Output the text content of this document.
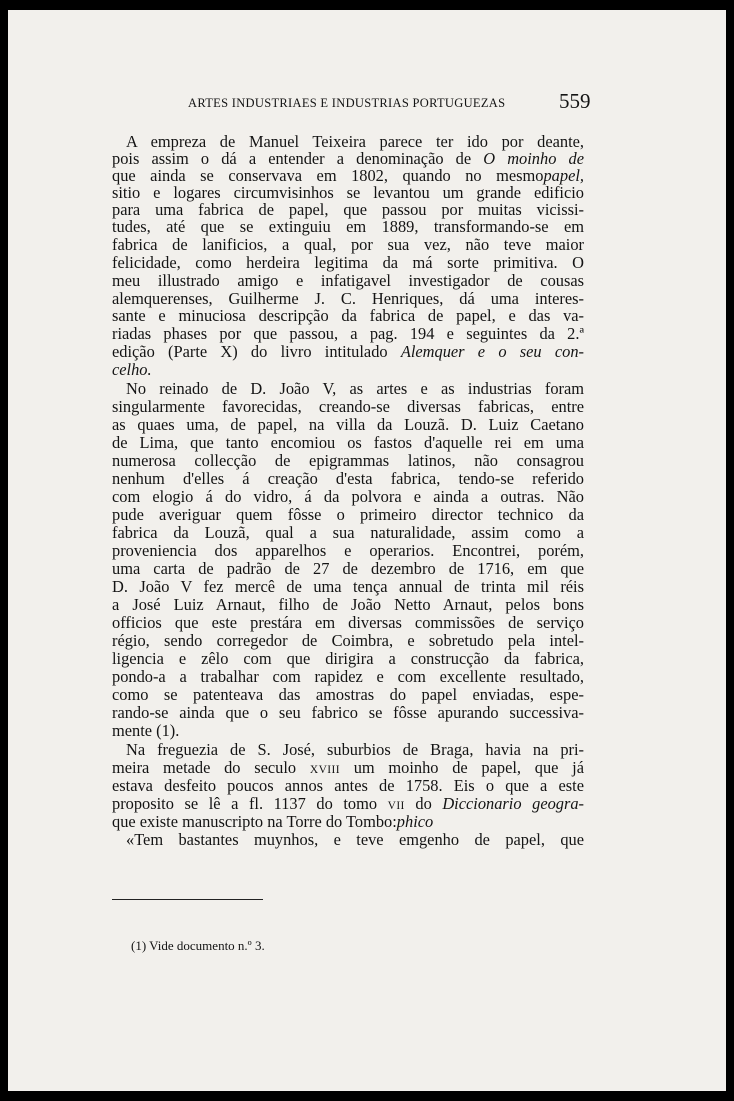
ARTES INDUSTRIAES E INDUSTRIAS PORTUGUEZAS	559
A empreza de Manuel Teixeira parece ter ido por deante,
pois assim o dá a entender a denominação de O moinho de
que ainda se conservava em 1802, quando no mesmopapel,
sitio e logares circumvisinhos se levantou um grande edificio
para uma fabrica de papel, que passou por muitas vicissi-
tudes, até que se extinguiu em 1889, transformando-se em
fabrica de lanificios, a qual, por sua vez, não teve maior
felicidade, como herdeira legitima da má sorte primitiva. O
meu illustrado amigo e infatigavel investigador de cousas
alemquerenses, Guilherme J. C. Henriques, dá uma interes-
sante e minuciosa descripção da fabrica de papel, e das va-
riadas phases por que passou, a pag. 194 e seguintes da 2.ª
edição (Parte X) do livro intitulado Alemquer e o seu con-
celho.
No reinado de D. João V, as artes e as industrias foram
singularmente favorecidas, creando-se diversas fabricas, entre
as quaes uma, de papel, na villa da Louzã. D. Luiz Caetano
de Lima, que tanto encomiou os fastos d'aquelle rei em uma
numerosa collecção de epigrammas latinos, não consagrou
nenhum d'elles á creação d'esta fabrica, tendo-se referido
com elogio á do vidro, á da polvora e ainda a outras. Não
pude averiguar quem fôsse o primeiro director technico da
fabrica da Louzã, qual a sua naturalidade, assim como a
proveniencia dos apparelhos e operarios. Encontrei, porém,
uma carta de padrão de 27 de dezembro de 1716, em que
D. João V fez mercê de uma tença annual de trinta mil réis
a José Luiz Arnaut, filho de João Netto Arnaut, pelos bons
officios que este prestára em diversas commissões de serviço
régio, sendo corregedor de Coimbra, e sobretudo pela intel-
ligencia e zêlo com que dirigira a construcção da fabrica,
pondo-a a trabalhar com rapidez e com excellente resultado,
como se patenteava das amostras do papel enviadas, espe-
rando-se ainda que o seu fabrico se fôsse apurando successiva-
mente (1).
Na freguezia de S. José, suburbios de Braga, havia na pri-
meira metade do seculo XVIII um moinho de papel, que já
estava desfeito poucos annos antes de 1758. Eis o que a este
proposito se lê a fl. 1137 do tomo VII do Diccionario geogra-
que existe manuscripto na Torre do Tombo:phico
«Tem bastantes muynhos, e teve emgenho de papel, que
(1) Vide documento n.º 3.
